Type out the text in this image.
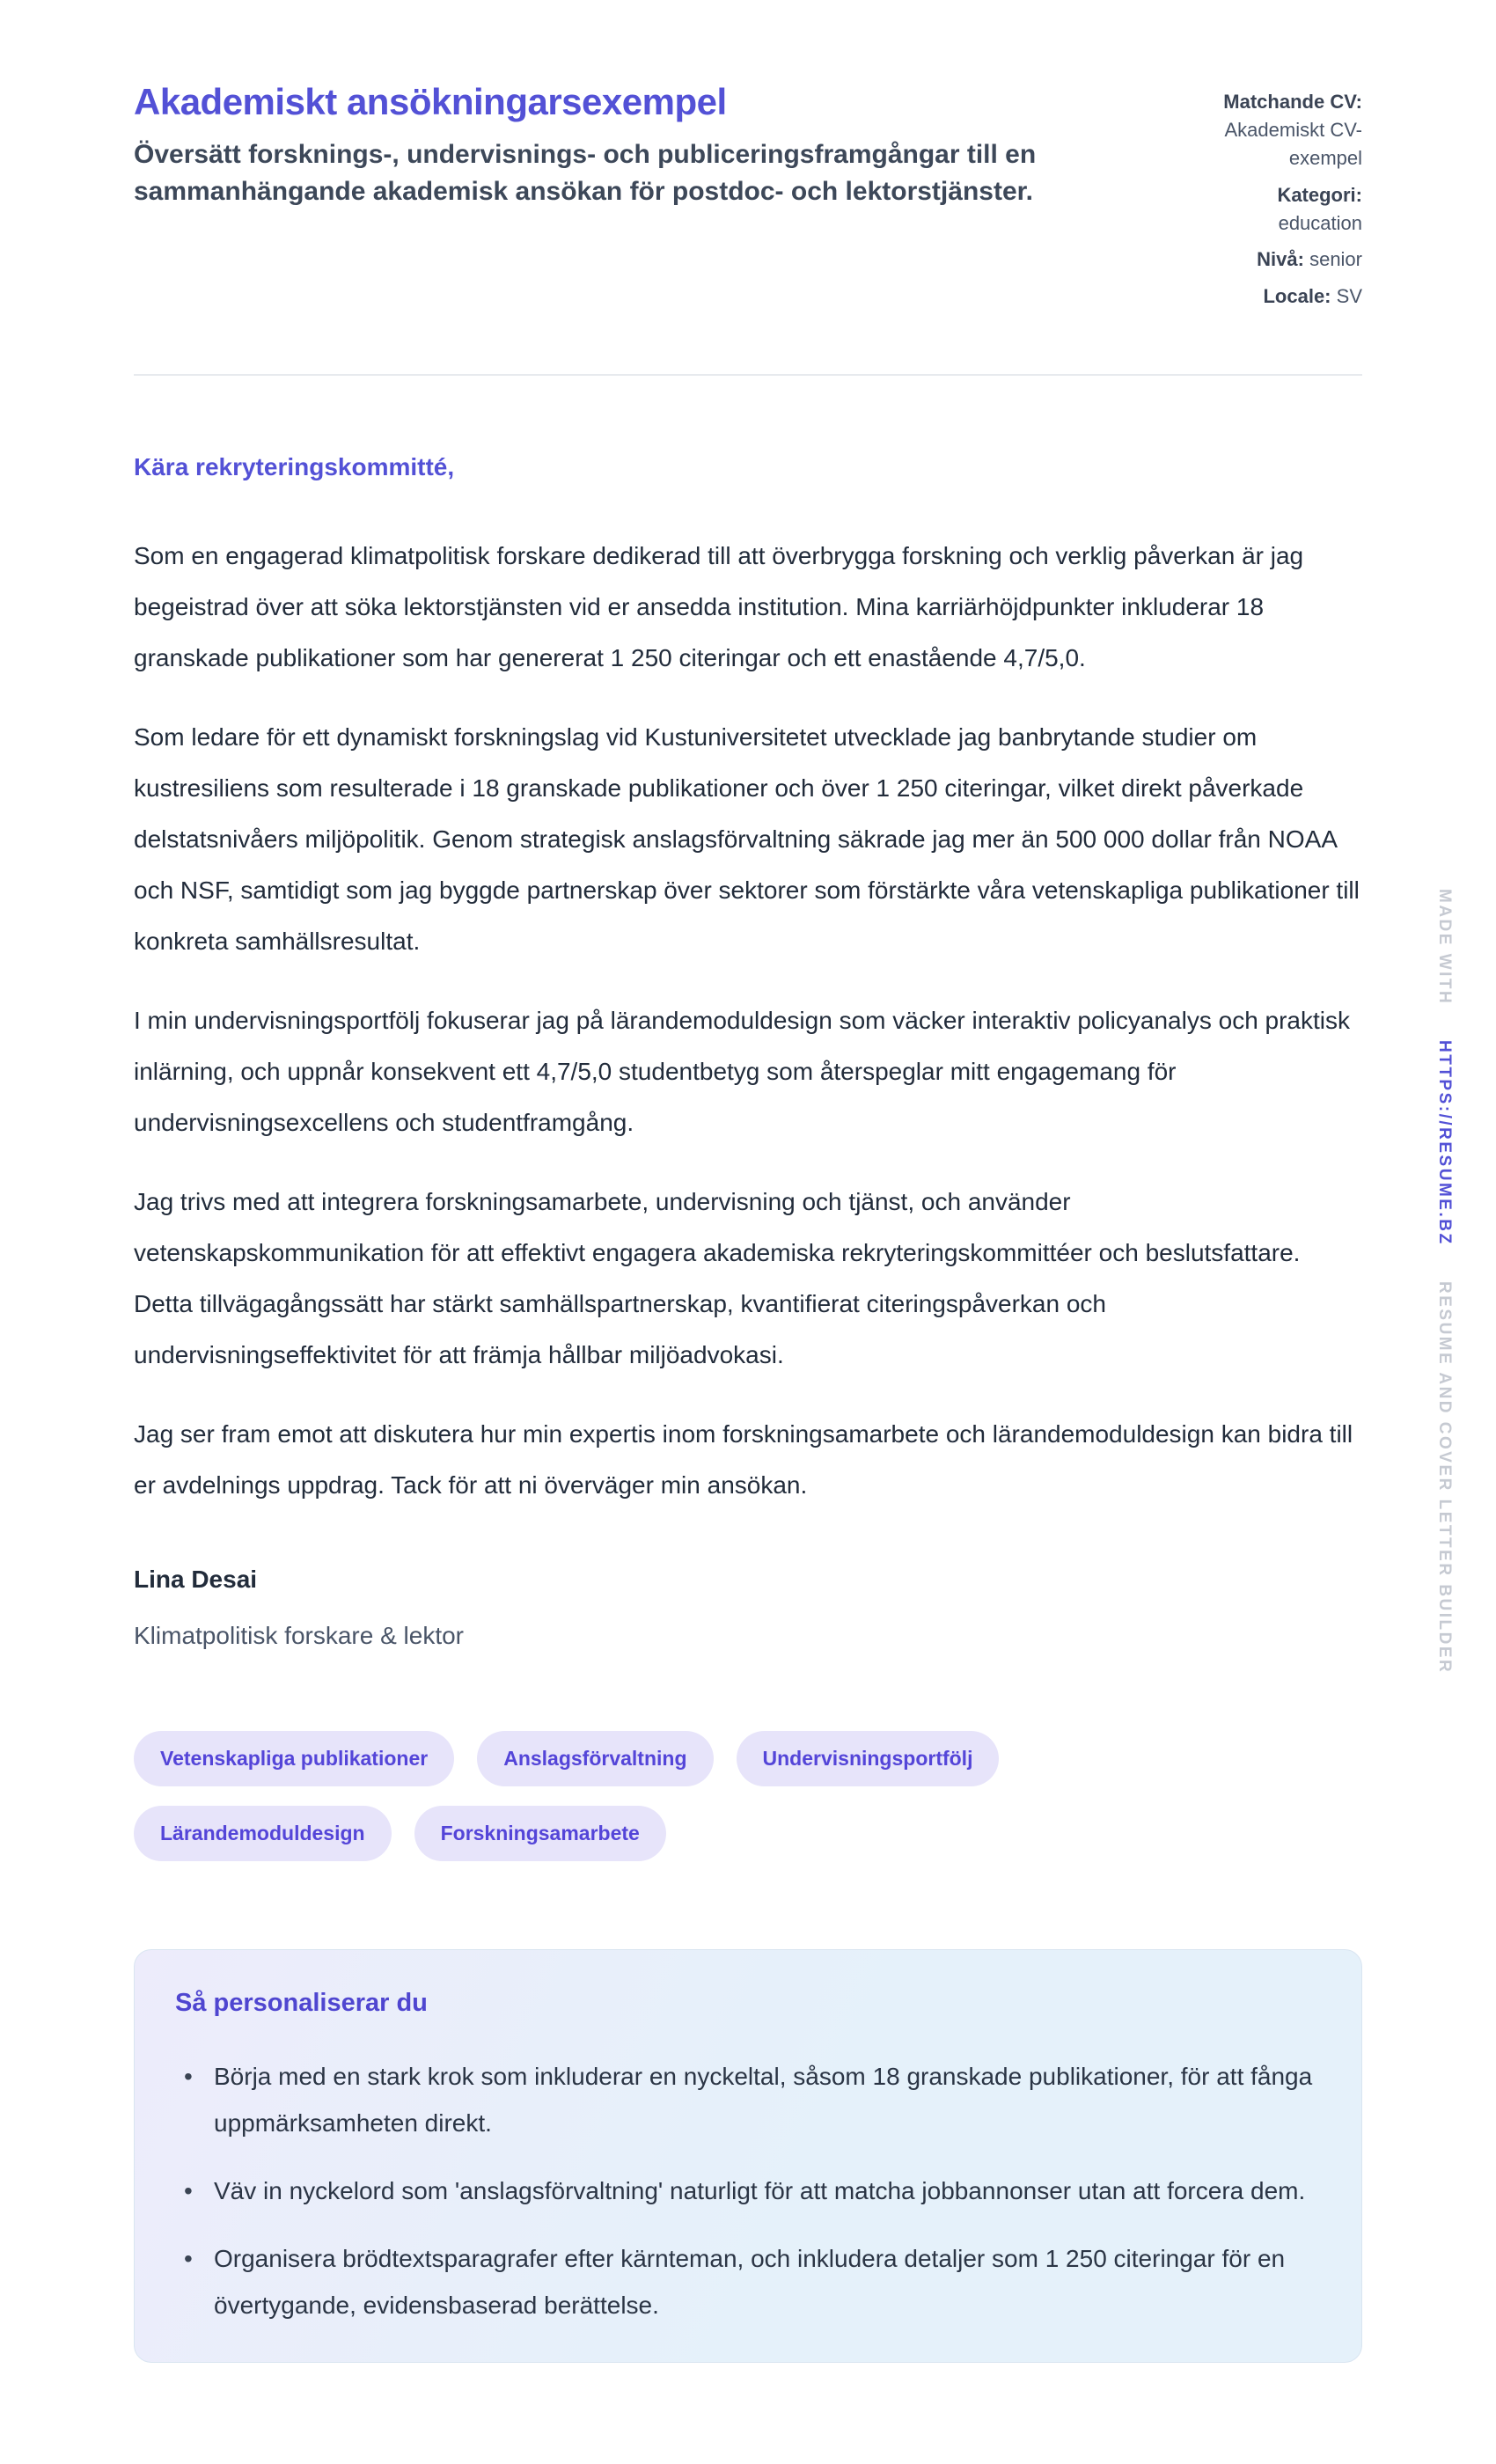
Akademiskt ansökningarsexempel

Översätt forsknings-, undervisnings- och publiceringsframgångar till en sammanhängande akademisk ansökan för postdoc- och lektorstjänster.

Matchande CV:
Akademiskt CV-exempel
Kategori:
education
Nivå: senior
Locale: SV

Kära rekryteringskommitté,

Som en engagerad klimatpolitisk forskare dedikerad till att överbrygga forskning och verklig påverkan är jag begeistrad över att söka lektorstjänsten vid er ansedda institution. Mina karriärhöjdpunkter inkluderar 18 granskade publikationer som har genererat 1 250 citeringar och ett enastående 4,7/5,0.

Som ledare för ett dynamiskt forskningslag vid Kustuniversitetet utvecklade jag banbrytande studier om kustresiliens som resulterade i 18 granskade publikationer och över 1 250 citeringar, vilket direkt påverkade delstatsnivåers miljöpolitik. Genom strategisk anslagsförvaltning säkrade jag mer än 500 000 dollar från NOAA och NSF, samtidigt som jag byggde partnerskap över sektorer som förstärkte våra vetenskapliga publikationer till konkreta samhällsresultat.

I min undervisningsportfölj fokuserar jag på lärandemoduldesign som väcker interaktiv policyanalys och praktisk inlärning, och uppnår konsekvent ett 4,7/5,0 studentbetyg som återspeglar mitt engagemang för undervisningsexcellens och studentframgång.

Jag trivs med att integrera forskningsamarbete, undervisning och tjänst, och använder vetenskapskommunikation för att effektivt engagera akademiska rekryteringskommittéer och beslutsfattare. Detta tillvägagångssätt har stärkt samhällspartnerskap, kvantifierat citeringspåverkan och undervisningseffektivitet för att främja hållbar miljöadvokasi.

Jag ser fram emot att diskutera hur min expertis inom forskningsamarbete och lärandemoduldesign kan bidra till er avdelnings uppdrag. Tack för att ni överväger min ansökan.

Lina Desai

Klimatpolitisk forskare & lektor

Vetenskapliga publikationer	Anslagsförvaltning	Undervisningsportfölj
Lärandemoduldesign	Forskningsamarbete
Så personaliserar du
• Börja med en stark krok som inkluderar en nyckeltal, såsom 18 granskade publikationer, för att fånga uppmärksamheten direkt.
• Väv in nyckelord som 'anslagsförvaltning' naturligt för att matcha jobbannonser utan att forcera dem.
• Organisera brödtextsparagrafer efter kärnteman, och inkludera detaljer som 1 250 citeringar för en övertygande, evidensbaserad berättelse.
MADE WITH
HTTPS://RESUME.BZ
RESUME AND COVER LETTER BUILDER
